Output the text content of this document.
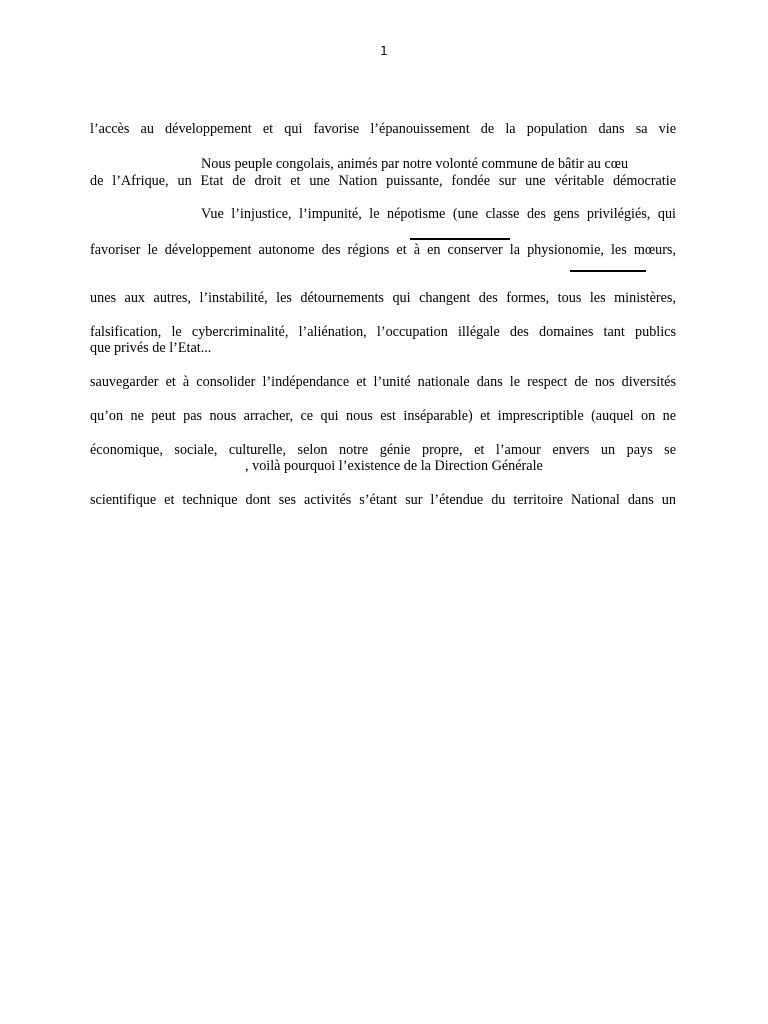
1
l’accès au développement et qui favorise l’épanouissement de la population dans sa vie
Nous peuple congolais, animés par notre volonté commune de bâtir au cœu
de l’Afrique, un Etat de droit et une Nation puissante, fondée sur une véritable démocratie
Vue l’injustice, l’impunité, le népotisme (une classe des gens privilégiés, qui
favoriser le développement autonome des régions et à en conserver la physionomie, les mœurs,
unes aux autres, l’instabilité, les détournements qui changent des formes, tous les ministères,
falsification, le cybercriminalité, l’aliénation, l’occupation illégale des domaines tant publics
que privés de l’Etat...
sauvegarder et à consolider l’indépendance et l’unité nationale dans le respect de nos diversités
qu’on ne peut pas nous arracher, ce qui nous est inséparable) et imprescriptible (auquel on ne
économique, sociale, culturelle, selon notre génie propre, et l’amour envers un pays se
, voilà pourquoi l’existence de la Direction Générale
scientifique et technique dont ses activités s’étant sur l’étendue du territoire National dans un
